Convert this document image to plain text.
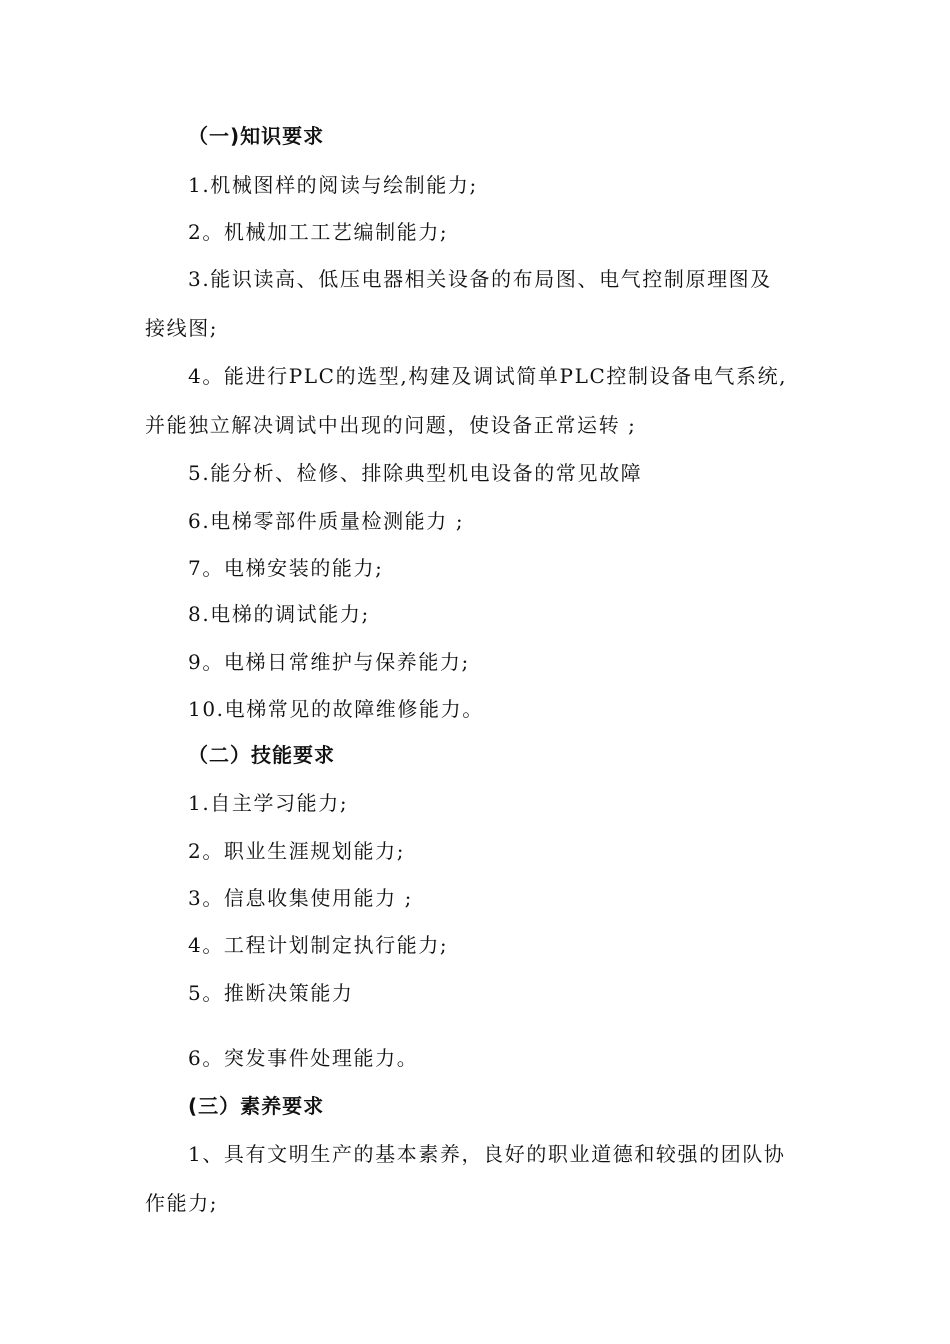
（一)知识要求
1.机械图样的阅读与绘制能力;
2。机械加工工艺编制能力;
3.能识读高、低压电器相关设备的布局图、电气控制原理图及
接线图;
4。能进行PLC的选型,构建及调试简单PLC控制设备电气系统,
并能独立解决调试中出现的问题，使设备正常运转 ;
5.能分析、检修、排除典型机电设备的常见故障
6.电梯零部件质量检测能力 ;
7。电梯安装的能力;
8.电梯的调试能力;
9。电梯日常维护与保养能力;
10.电梯常见的故障维修能力。
（二）技能要求
1.自主学习能力;
2。职业生涯规划能力;
3。信息收集使用能力 ;
4。工程计划制定执行能力;
5。推断决策能力
6。突发事件处理能力。
(三）素养要求
1、具有文明生产的基本素养，良好的职业道德和较强的团队协
作能力;
